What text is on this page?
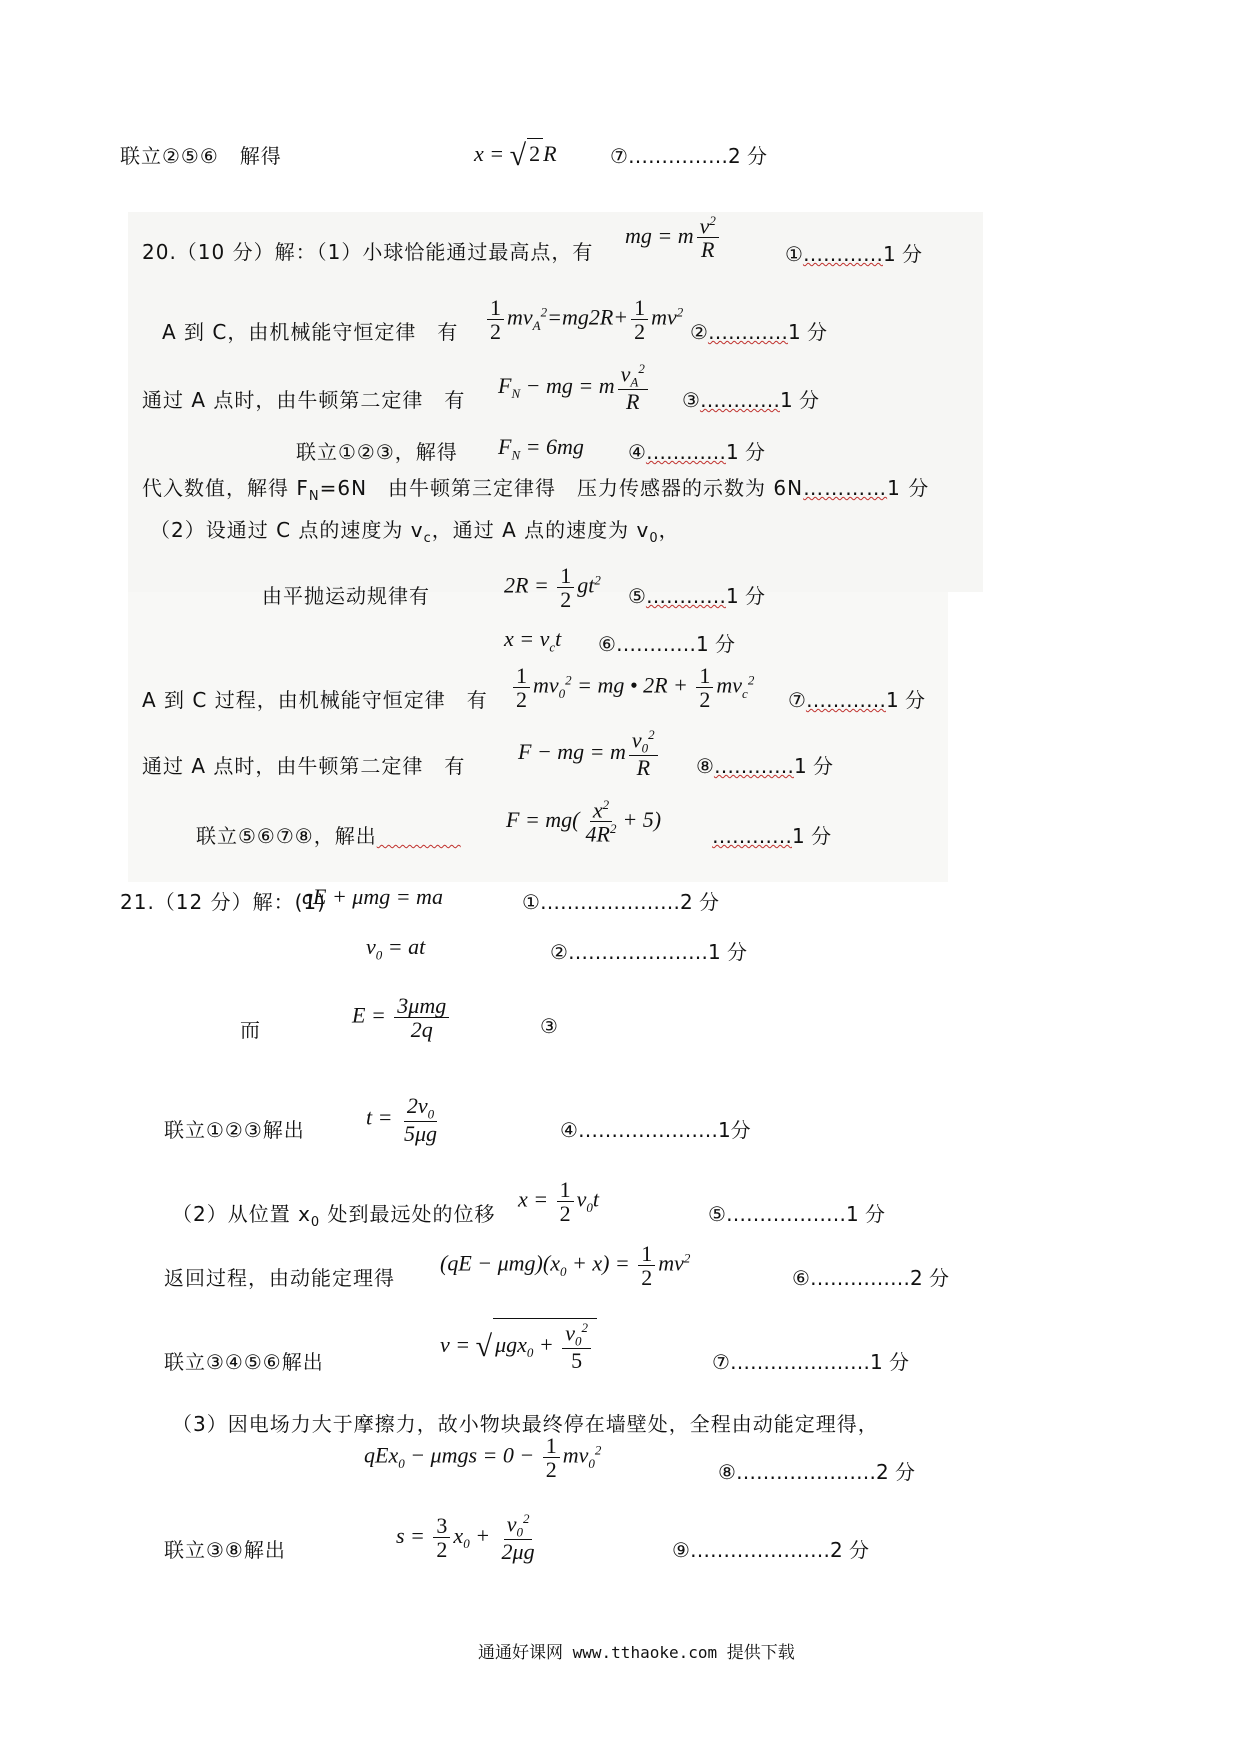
联立②⑤⑥　解得	x = √ 2 R	⑦……………2 分
20.（10 分）解：（1）小球恰能通过最高点，有
mg = m $\frac{v^2}{R}$	①…………1 分
A 到 C，由机械能守恒定律　有 $\frac{1}{2} mv_A^2=mg2R+ \frac{1}{2} mv^2$
②…………1 分
通过 A 点时，由牛顿第二定律　有
$F_N$ − mg = m $\frac{v_A^2}{R}$ ③…………1 分
联立①②③，解得 $F_N = 6mg$ ④…………1 分
代入数值，解得 $F_N=6N$　由牛顿第三定律得　压力传感器的示数为 6N…………1 分
（2）设通过 C 点的速度为 $v_c$，通过 A 点的速度为 $v_0$，
由平抛运动规律有	$2R = \frac{1}{2} gt^2$
⑤…………1 分
$x = v_ct$ ⑥…………1 分
A 到 C 过程，由机械能守恒定律　有 $\frac{1}{2} mv_0^2$ = mg • $2R + \frac{1}{2} mv_c^2$
⑦…………1 分
通过 A 点时，由牛顿第二定律　有
F − mg = m $\frac{v_0^2}{R}$ ⑧…………1 分
联立⑤⑥⑦⑧，解出​　　　　
$F = mg( \frac{x^2}{4R^2} + 5)$
…………1 分
21.（12 分）解：(1)
qE + μmg = ma	①…………………2 分
$v_0$ = at	②…………………1 分
而
$E = \frac{\text{3μmg}}{2q}$	③
联立①②③解出
$t = \frac{2v_0}{5\mu g}$	④…………………1分
（2）从位置 $x_0$ 处到最远处的位移
$x = \frac{1}{2} v_0t$
⑤………………1 分
返回过程，由动能定理得
$(qE - \mu mg)(x_0 + x) = \frac{1}{2} mv^2$
⑥……………2 分
联立③④⑤⑥解出
v = √ $\mu gx_0 + \frac{v_0^2}{5}$	⑦…………………1 分
（3）因电场力大于摩擦力，故小物块最终停在墙壁处，全程由动能定理得，
$qEx_0 - \mu mgs = 0 - \frac{1}{2} mv_0^2$
⑧…………………2 分
联立③⑧解出
$s = \frac{3}{2} x_0 + \frac{v_0^2}{2\mu g}$	⑨…………………2 分
通通好课网 www.tthaoke.com 提供下载
